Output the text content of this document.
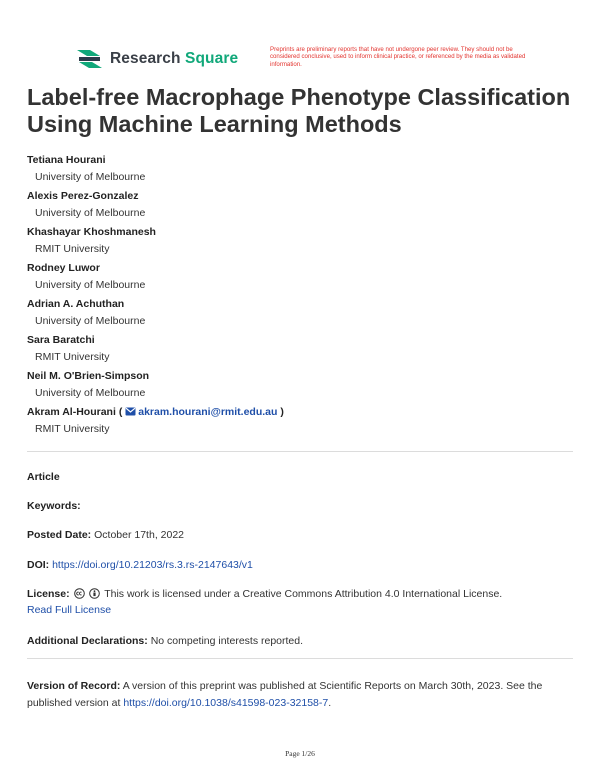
Research Square
Preprints are preliminary reports that have not undergone peer review. They should not be considered conclusive, used to inform clinical practice, or referenced by the media as validated information.
Label-free Macrophage Phenotype Classification Using Machine Learning Methods
Tetiana Hourani
University of Melbourne
Alexis Perez-Gonzalez
University of Melbourne
Khashayar Khoshmanesh
RMIT University
Rodney Luwor
University of Melbourne
Adrian A. Achuthan
University of Melbourne
Sara Baratchi
RMIT University
Neil M. O'Brien-Simpson
University of Melbourne
Akram Al-Hourani ( akram.hourani@rmit.edu.au )
RMIT University
Article
Keywords:
Posted Date: October 17th, 2022
DOI: https://doi.org/10.21203/rs.3.rs-2147643/v1
License:	This work is licensed under a Creative Commons Attribution 4.0 International License.
Read Full License
Additional Declarations: No competing interests reported.
Version of Record: A version of this preprint was published at Scientific Reports on March 30th, 2023. See the published version at https://doi.org/10.1038/s41598-023-32158-7.
Page 1/26
